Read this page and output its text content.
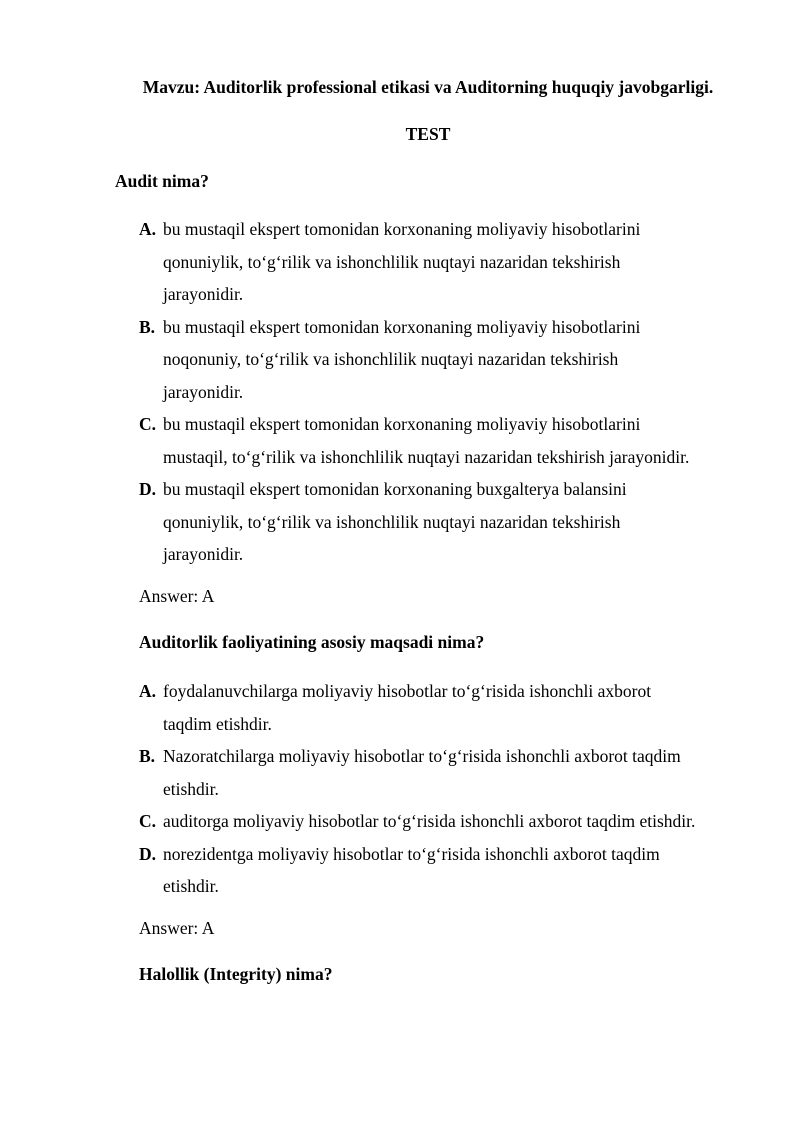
Mavzu: Auditorlik professional etikasi va Auditorning huquqiy javobgarligi.
TEST
Audit nima?
A. bu mustaqil ekspert tomonidan korxonaning moliyaviy hisobotlarini
qonuniylik, to‘g‘rilik va ishonchlilik nuqtayi nazaridan tekshirish
jarayonidir.
B. bu mustaqil ekspert tomonidan korxonaning moliyaviy hisobotlarini
noqonuniy, to‘g‘rilik va ishonchlilik nuqtayi nazaridan tekshirish
jarayonidir.
C. bu mustaqil ekspert tomonidan korxonaning moliyaviy hisobotlarini
mustaqil, to‘g‘rilik va ishonchlilik nuqtayi nazaridan tekshirish jarayonidir.
D. bu mustaqil ekspert tomonidan korxonaning buxgalterya balansini
qonuniylik, to‘g‘rilik va ishonchlilik nuqtayi nazaridan tekshirish
jarayonidir.
Answer: A
Auditorlik faoliyatining asosiy maqsadi nima?
A. foydalanuvchilarga moliyaviy hisobotlar to‘g‘risida ishonchli axborot
taqdim etishdir.
B. Nazoratchilarga moliyaviy hisobotlar to‘g‘risida ishonchli axborot taqdim
etishdir.
C. auditorga moliyaviy hisobotlar to‘g‘risida ishonchli axborot taqdim etishdir.
D. norezidentga moliyaviy hisobotlar to‘g‘risida ishonchli axborot taqdim
etishdir.
Answer: A
Halollik (Integrity) nima?
